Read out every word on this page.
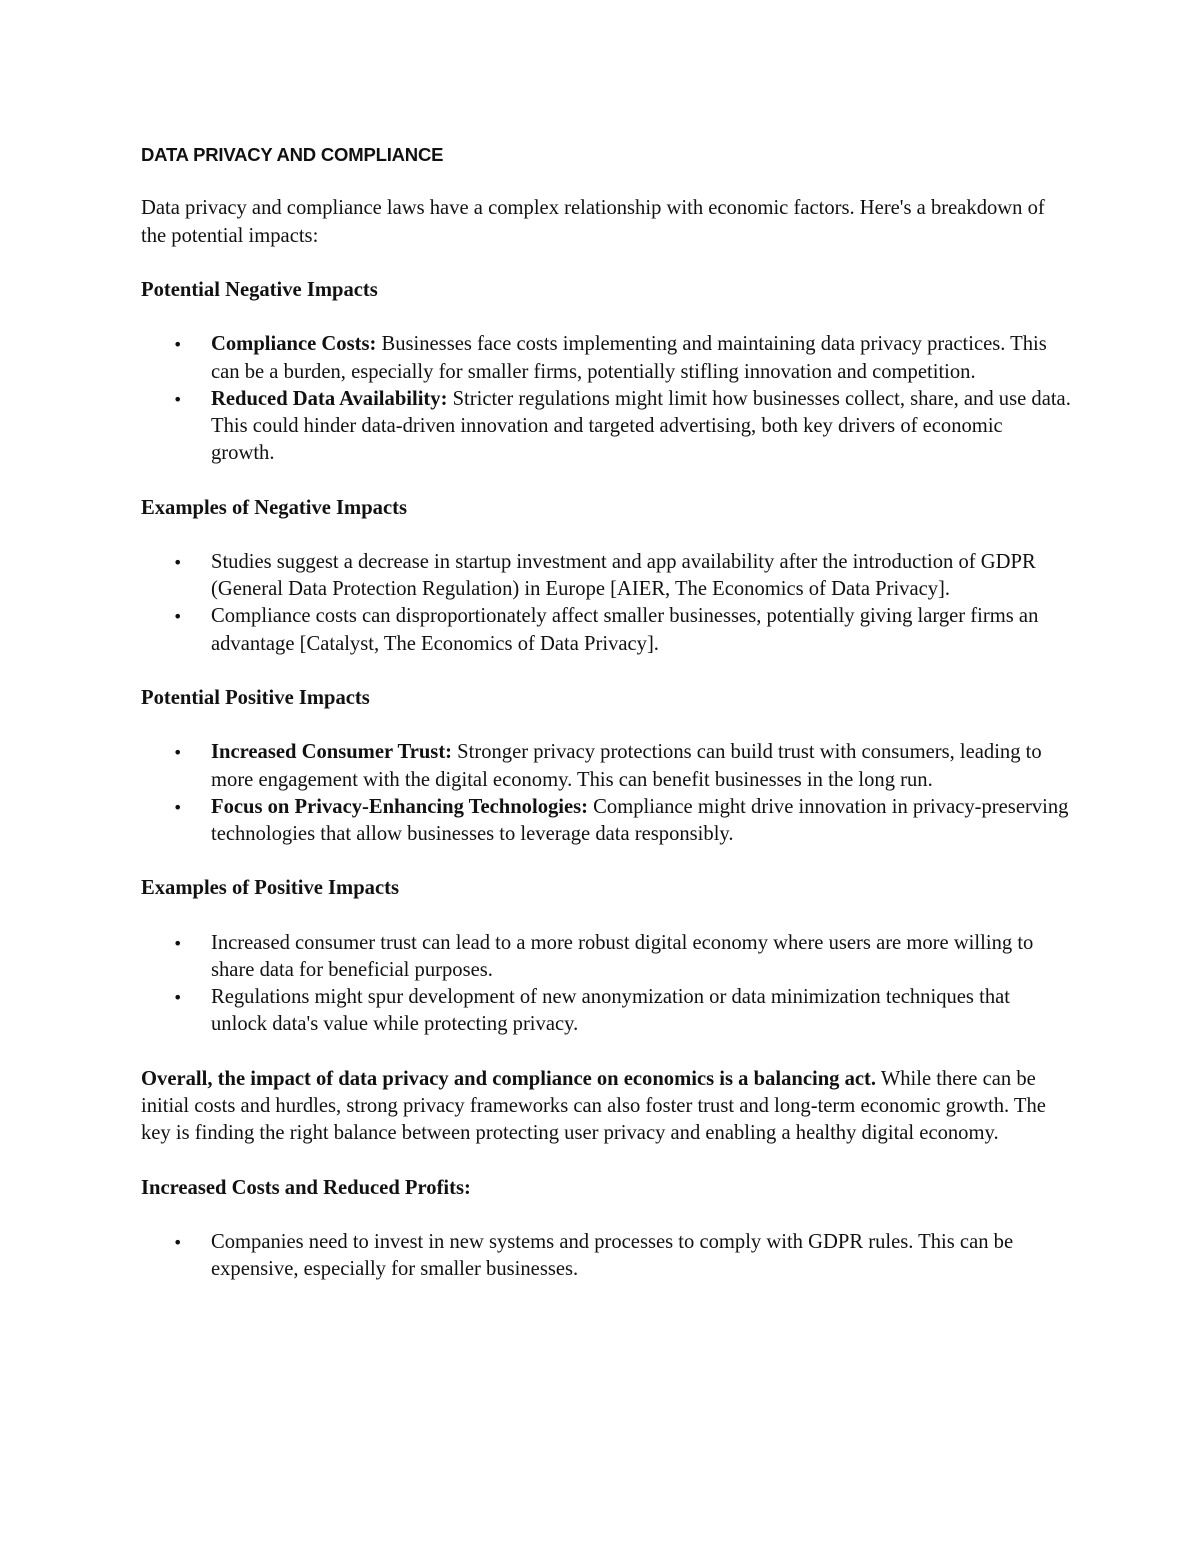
DATA PRIVACY AND COMPLIANCE

Data privacy and compliance laws have a complex relationship with economic factors. Here's a breakdown of the potential impacts:

Potential Negative Impacts
• Compliance Costs: Businesses face costs implementing and maintaining data privacy practices. This can be a burden, especially for smaller firms, potentially stifling innovation and competition.
• Reduced Data Availability: Stricter regulations might limit how businesses collect, share, and use data. This could hinder data-driven innovation and targeted advertising, both key drivers of economic growth.
Examples of Negative Impacts
• Studies suggest a decrease in startup investment and app availability after the introduction of GDPR (General Data Protection Regulation) in Europe [AIER, The Economics of Data Privacy].
• Compliance costs can disproportionately affect smaller businesses, potentially giving larger firms an advantage [Catalyst, The Economics of Data Privacy].
Potential Positive Impacts
• Increased Consumer Trust: Stronger privacy protections can build trust with consumers, leading to more engagement with the digital economy. This can benefit businesses in the long run.
• Focus on Privacy-Enhancing Technologies: Compliance might drive innovation in privacy-preserving technologies that allow businesses to leverage data responsibly.
Examples of Positive Impacts
• Increased consumer trust can lead to a more robust digital economy where users are more willing to share data for beneficial purposes.
• Regulations might spur development of new anonymization or data minimization techniques that unlock data's value while protecting privacy.

Overall, the impact of data privacy and compliance on economics is a balancing act. While there can be initial costs and hurdles, strong privacy frameworks can also foster trust and long-term economic growth. The key is finding the right balance between protecting user privacy and enabling a healthy digital economy.

Increased Costs and Reduced Profits:
• Companies need to invest in new systems and processes to comply with GDPR rules. This can be expensive, especially for smaller businesses.
